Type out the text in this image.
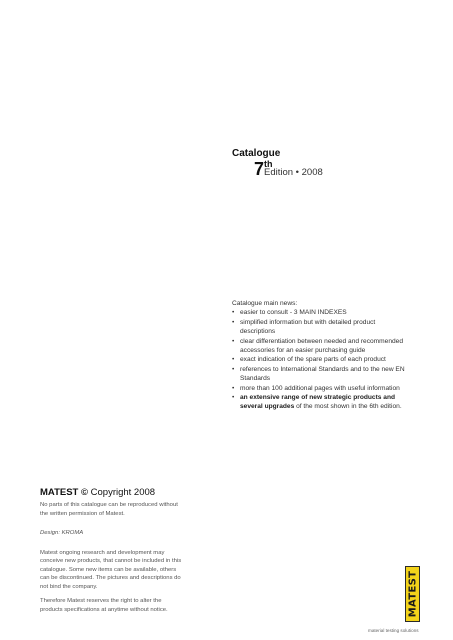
Catalogue
7 th
Edition • 2008
Catalogue main news:
• easier to consult - 3 MAIN INDEXES
• simplified information but with detailed product descriptions
• clear differentiation between needed and recommended accessories for an easier purchasing guide
• exact indication of the spare parts of each product
• references to International Standards and to the new EN Standards
• more than 100 additional pages with useful information
• an extensive range of new strategic products and several upgrades of the most shown in the 6th edition.
MATEST © Copyright 2008
No parts of this catalogue can be reproduced without the written permission of Matest.
Design: KROMA
Matest ongoing research and development may conceive new products, that cannot be included in this catalogue. Some new items can be available, others can be discontinued. The pictures and descriptions do not bind the company.
Therefore Matest reserves the right to alter the products specifications at anytime without notice.	MATEST
material testing solutions
